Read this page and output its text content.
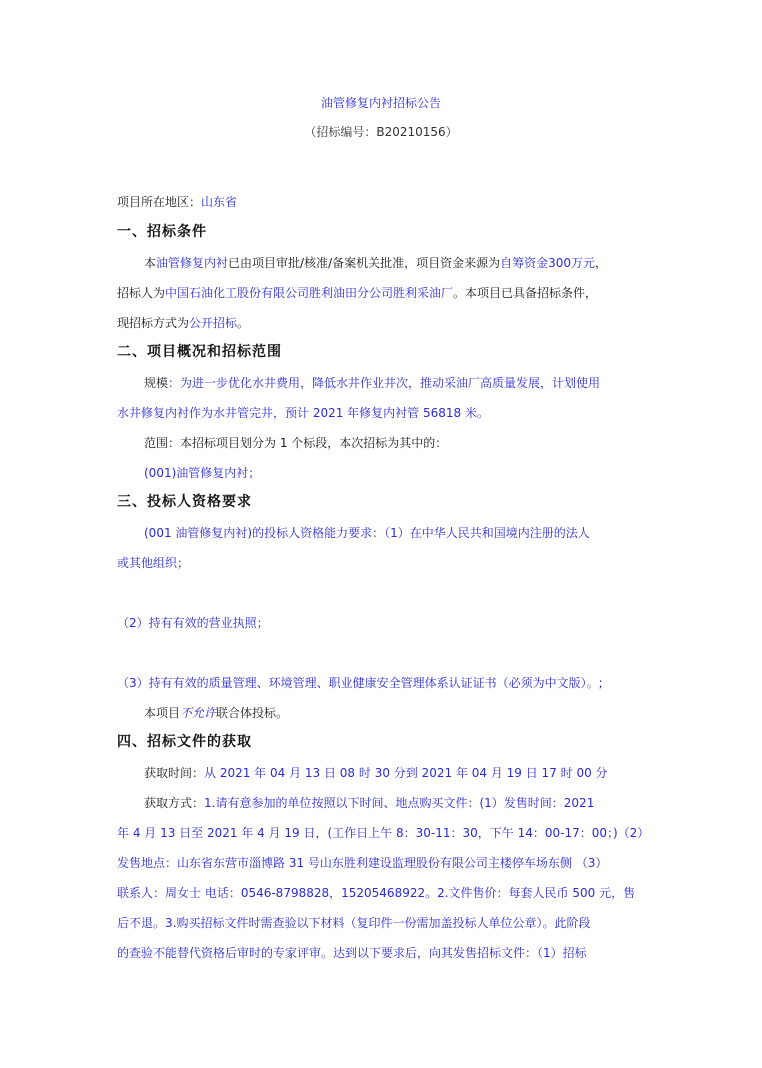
油管修复内衬招标公告
（招标编号：B20210156）
项目所在地区：山东省
一、招标条件
本油管修复内衬已由项目审批/核准/备案机关批准，项目资金来源为自筹资金300万元，
招标人为中国石油化工股份有限公司胜利油田分公司胜利采油厂。本项目已具备招标条件，
现招标方式为公开招标。
二、项目概况和招标范围
规模：为进一步优化水井费用，降低水井作业井次，推动采油厂高质量发展，计划使用
水井修复内衬作为水井管完井，预计 2021 年修复内衬管 56818 米。
范围：本招标项目划分为 1 个标段，本次招标为其中的：
(001)油管修复内衬；
三、投标人资格要求
(001 油管修复内衬)的投标人资格能力要求：（1）在中华人民共和国境内注册的法人
或其他组织；
（2）持有有效的营业执照；
（3）持有有效的质量管理、环境管理、职业健康安全管理体系认证证书（必须为中文版）。;
本项目不允许联合体投标。
四、招标文件的获取
获取时间：从 2021 年 04 月 13 日 08 时 30 分到 2021 年 04 月 19 日 17 时 00 分
获取方式：1.请有意参加的单位按照以下时间、地点购买文件：(1）发售时间：2021
年 4 月 13 日至 2021 年 4 月 19 日，(工作日上午 8：30-11：30，下午 14：00-17：00；)（2）
发售地点：山东省东营市淄博路 31 号山东胜利建设监理股份有限公司主楼停车场东侧 （3）
联系人：周女士 电话：0546-8798828，15205468922。2.文件售价：每套人民币 500 元，售
后不退。3.购买招标文件时需查验以下材料（复印件一份需加盖投标人单位公章）。此阶段
的查验不能替代资格后审时的专家评审。达到以下要求后，向其发售招标文件：（1）招标
